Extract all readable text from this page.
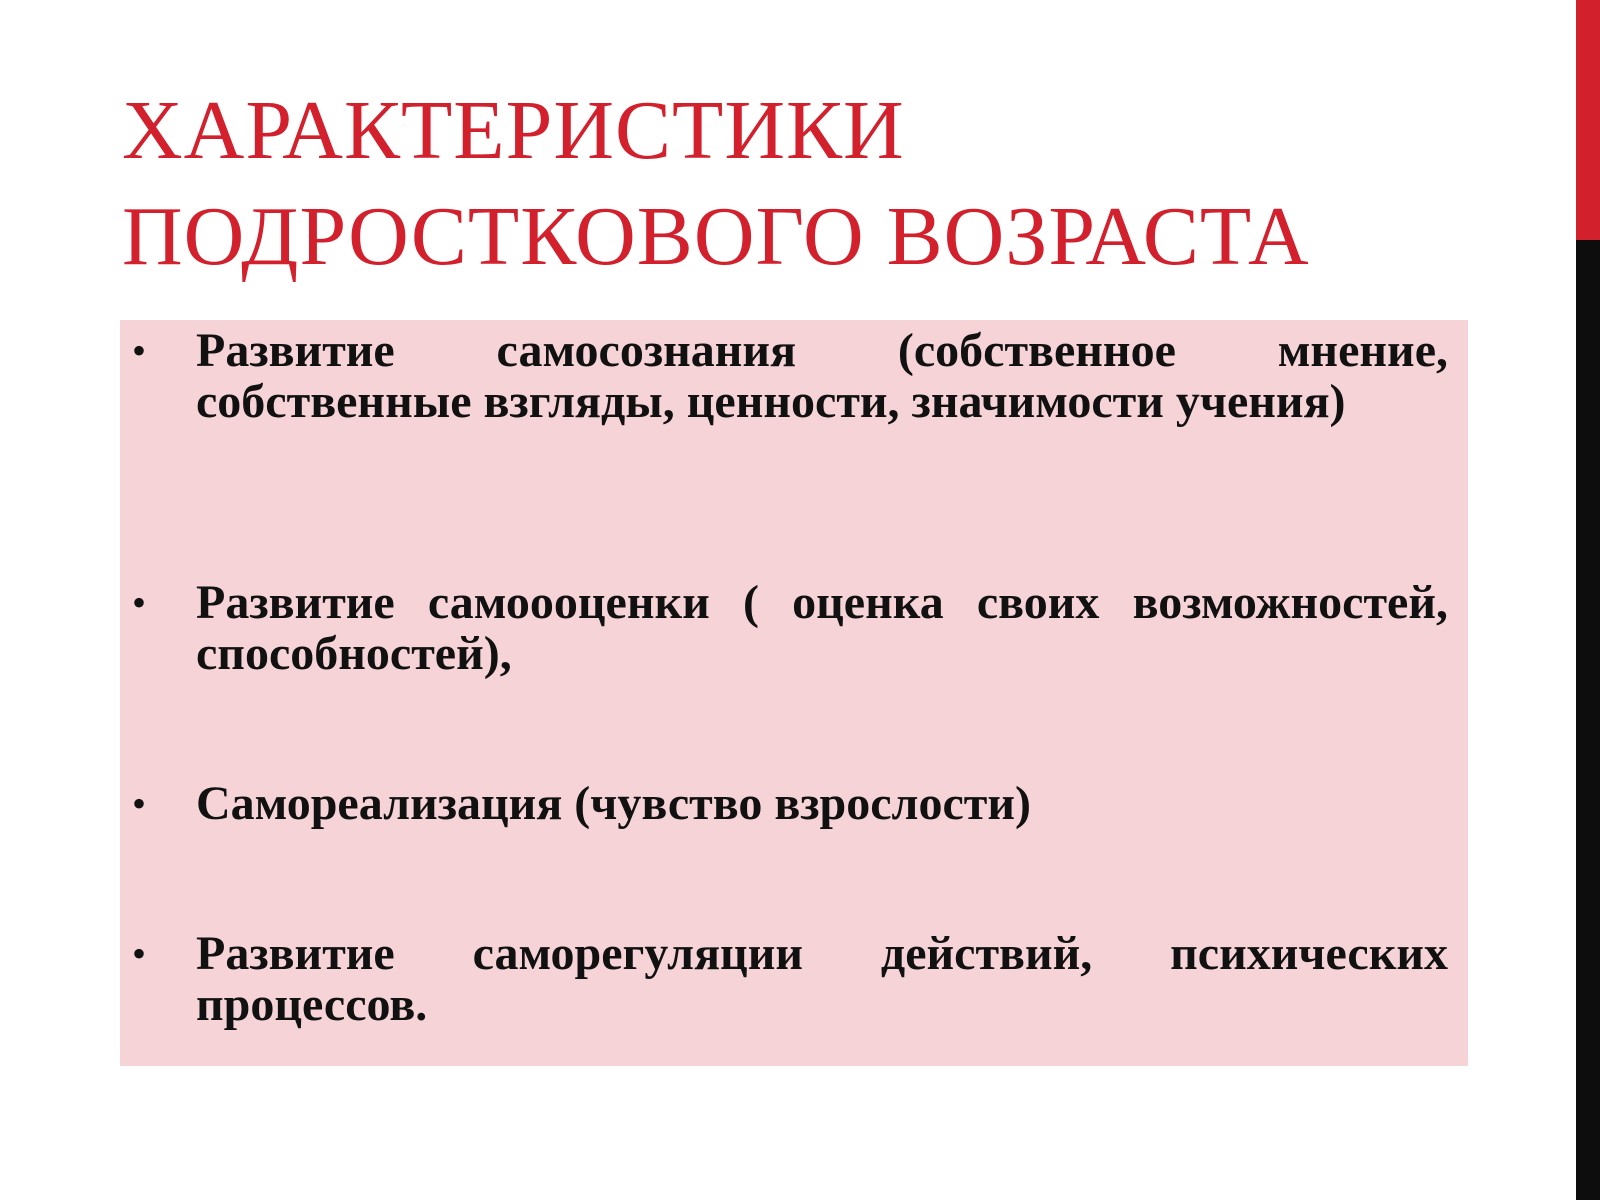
ХАРАКТЕРИСТИКИ
ПОДРОСТКОВОГО ВОЗРАСТА
• Развитие самосознания (собственное мнение, собственные взгляды, ценности, значимости учения)

• Развитие самоооценки ( оценка своих возможностей, способностей),

• Самореализация (чувство взрослости)

• Развитие саморегуляции действий, психических процессов.
